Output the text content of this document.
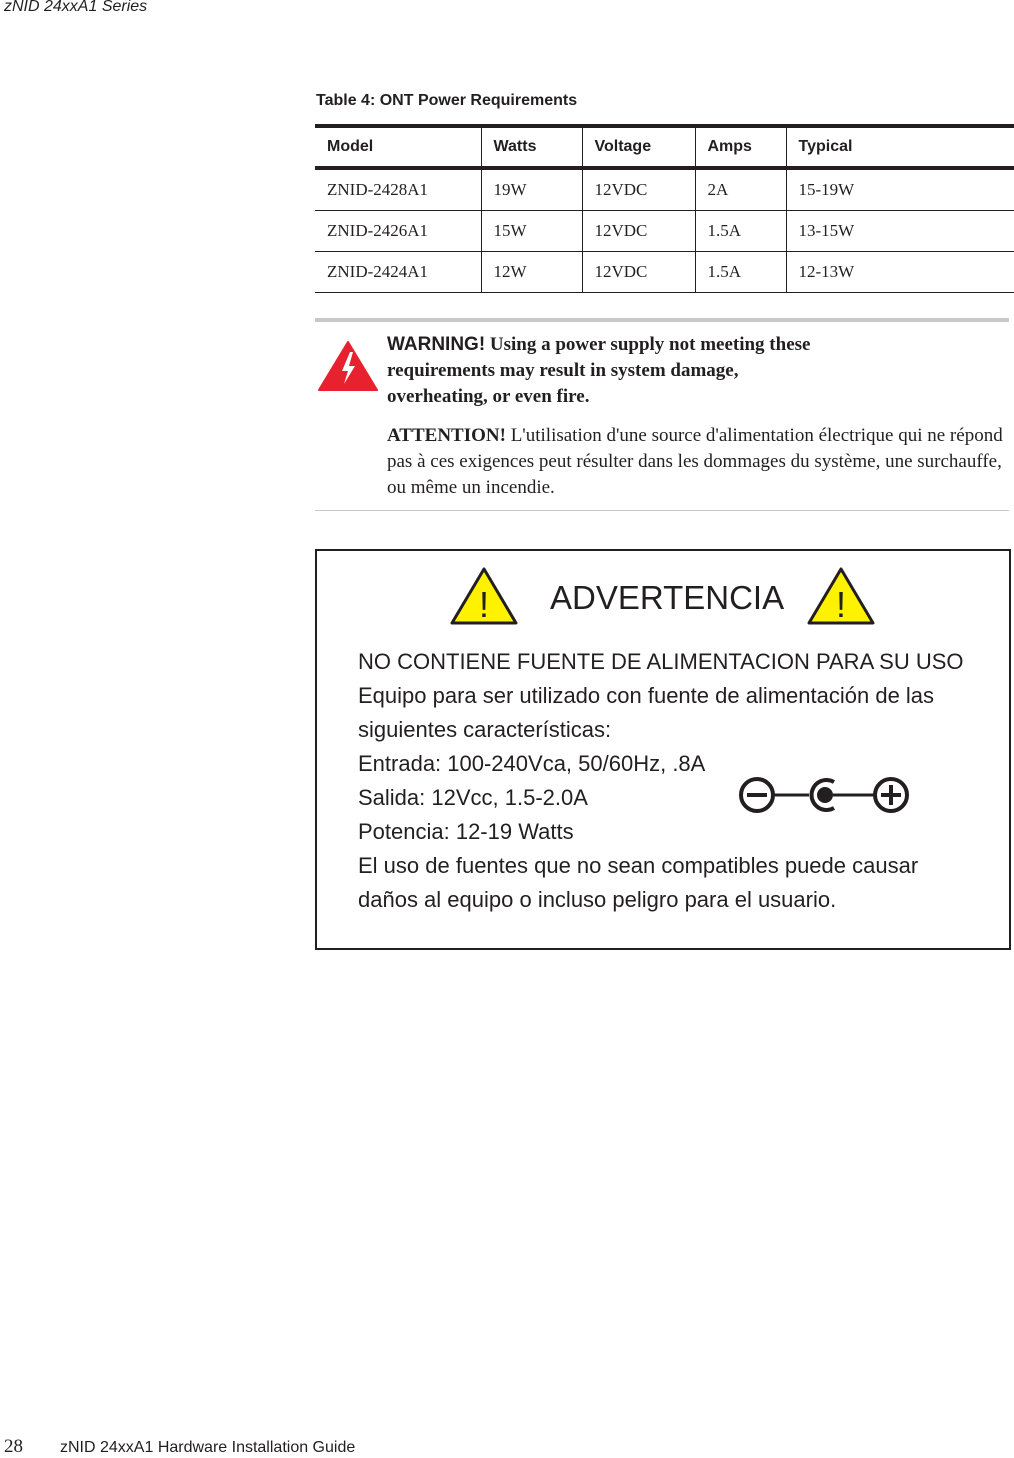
zNID 24xxA1 Series
Table 4: ONT Power Requirements
Model	Watts	Voltage	Amps	Typical
ZNID-2428A1	19W	12VDC	2A	15-19W
ZNID-2426A1	15W	12VDC	1.5A	13-15W
ZNID-2424A1	12W	12VDC	1.5A	12-13W
WARNING! Using a power supply not meeting these requirements may result in system damage, overheating, or even fire.
ATTENTION! L'utilisation d'une source d'alimentation électrique qui ne répond pas à ces exigences peut résulter dans les dommages du système, une surchauffe, ou même un incendie.
! ADVERTENCIA !
NO CONTIENE FUENTE DE ALIMENTACION PARA SU USO
Equipo para ser utilizado con fuente de alimentación de las
siguientes características:
Entrada: 100-240Vca, 50/60Hz, .8A
Salida: 12Vcc, 1.5-2.0A
Potencia: 12-19 Watts
El uso de fuentes que no sean compatibles puede causar
daños al equipo o incluso peligro para el usuario.
28 zNID 24xxA1 Hardware Installation Guide
